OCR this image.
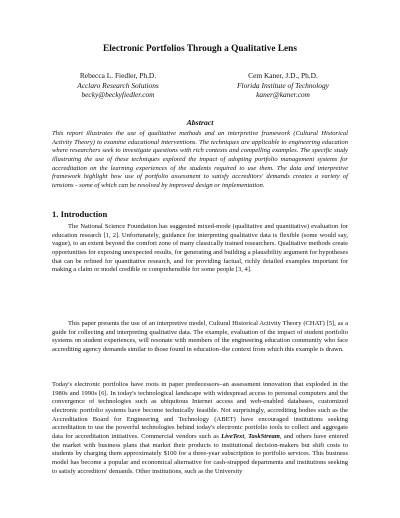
Electronic Portfolios Through a Qualitative Lens
Rebecca L. Fiedler, Ph.D.
Acclaro Research Solutions
becky@beckyfiedler.com
Cem Kaner, J.D., Ph.D.
Florida Institute of Technology
kaner@kaner.com
Abstract
This report illustrates the use of qualitative methods and an interpretive framework (Cultural Historical Activity Theory) to examine educational interventions. The techniques are applicable to engineering education where researchers seek to investigate questions with rich contexts and compelling examples. The specific study illustrating the use of these techniques explored the impact of adopting portfolio management systems for accreditation on the learning experiences of the students required to use them. The data and interpretive framework highlight how use of portfolio assessment to satisfy accreditors' demands creates a variety of tensions - some of which can be resolved by improved design or implementation.
1. Introduction

The National Science Foundation has suggested mixed-mode (qualitative and quantitative) evaluation for education research [1, 2]. Unfortunately, guidance for interpreting qualitative data is flexible (some would say, vague), to an extent beyond the comfort zone of many classically trained researchers. Qualitative methods create opportunities for exposing unexpected results, for generating and building a plausibility argument for hypotheses that can be refined for quantitative research, and for providing factual, richly detailed examples important for making a claim or model credible or comprehensible for some people [3, 4].

This paper presents the use of an interpretive model, Cultural Historical Activity Theory (CHAT) [5], as a guide for collecting and interpreting qualitative data. The example, evaluation of the impact of student portfolio systems on student experiences, will resonate with members of the engineering education community who face accrediting agency demands similar to those found in education–the context from which this example is drawn.

Today's electronic portfolios have roots in paper predecessors–an assessment innovation that exploded in the 1980s and 1990s [6]. In today's technological landscape with widespread access to personal computers and the convergence of technologies such as ubiquitous Internet access and web-enabled databases, customized electronic portfolio systems have become technically feasible. Not surprisingly, accrediting bodies such as the Accreditation Board for Engineering and Technology (ABET) have encouraged institutions seeking accreditation to use the powerful technologies behind today's electronic portfolio tools to collect and aggregate data for accreditation initiatives. Commercial vendors such as LiveText, TaskStream, and others have entered the market with business plans that market their products to institutional decision-makers but shift costs to students by charging them approximately $100 for a three-year subscription to portfolio services. This business model has become a popular and economical alternative for cash-strapped departments and institutions seeking to satisfy accreditors' demands. Other institutions, such as the University
